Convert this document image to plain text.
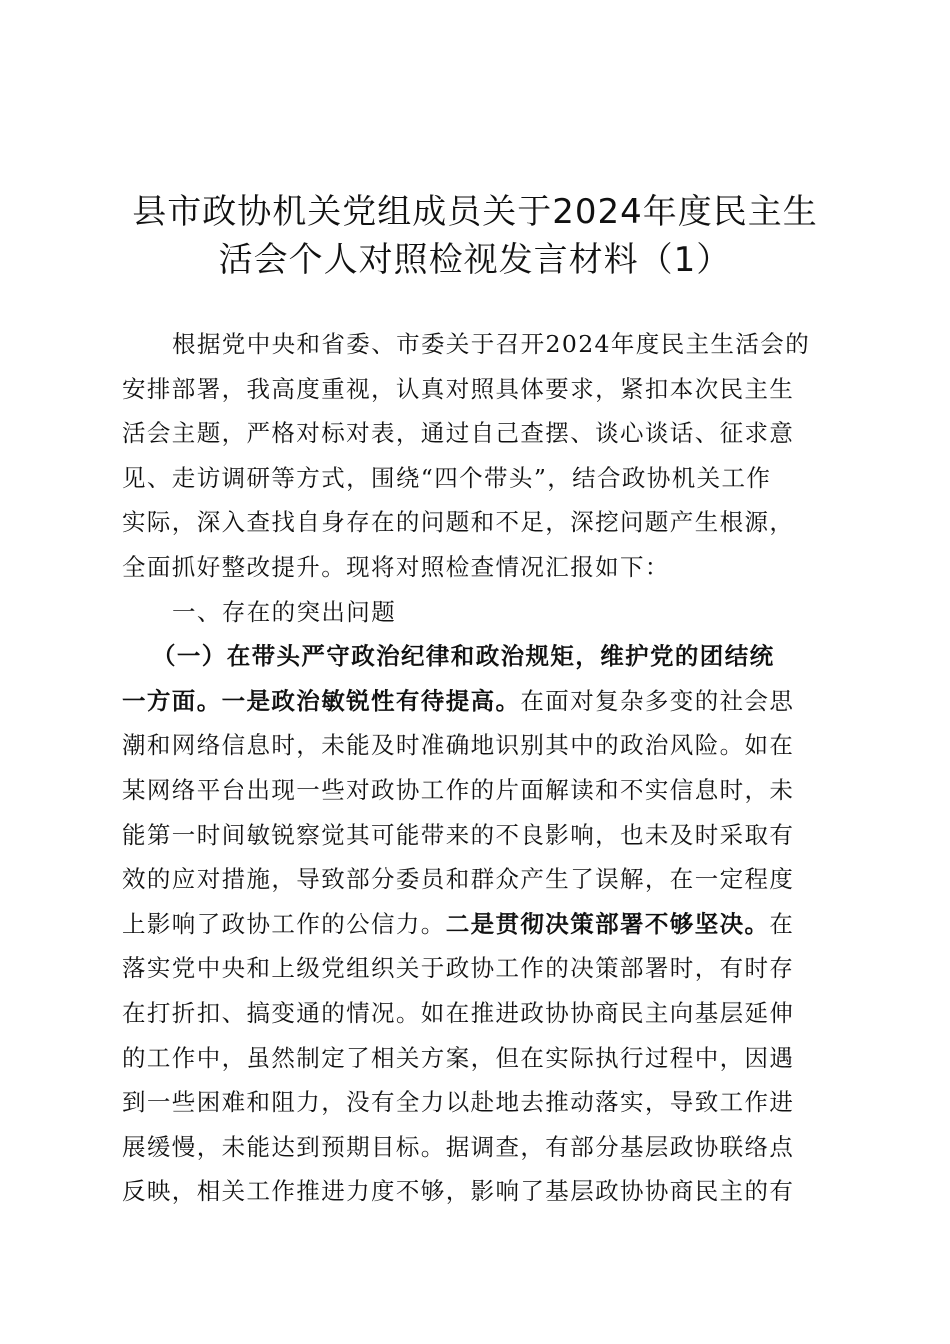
县市政协机关党组成员关于2024年度民主生
活会个人对照检视发言材料（1）
根据党中央和省委、市委关于召开2024年度民主生活会的
安排部署，我高度重视，认真对照具体要求，紧扣本次民主生
活会主题，严格对标对表，通过自己查摆、谈心谈话、征求意
见、走访调研等方式，围绕“四个带头”，结合政协机关工作
实际，深入查找自身存在的问题和不足，深挖问题产生根源，
全面抓好整改提升。现将对照检查情况汇报如下：
一、存在的突出问题
（一）在带头严守政治纪律和政治规矩，维护党的团结统
一方面。一是政治敏锐性有待提高。在面对复杂多变的社会思
潮和网络信息时，未能及时准确地识别其中的政治风险。如在
某网络平台出现一些对政协工作的片面解读和不实信息时，未
能第一时间敏锐察觉其可能带来的不良影响，也未及时采取有
效的应对措施，导致部分委员和群众产生了误解，在一定程度
上影响了政协工作的公信力。二是贯彻决策部署不够坚决。在
落实党中央和上级党组织关于政协工作的决策部署时，有时存
在打折扣、搞变通的情况。如在推进政协协商民主向基层延伸
的工作中，虽然制定了相关方案，但在实际执行过程中，因遇
到一些困难和阻力，没有全力以赴地去推动落实，导致工作进
展缓慢，未能达到预期目标。据调查，有部分基层政协联络点
反映，相关工作推进力度不够，影响了基层政协协商民主的有
